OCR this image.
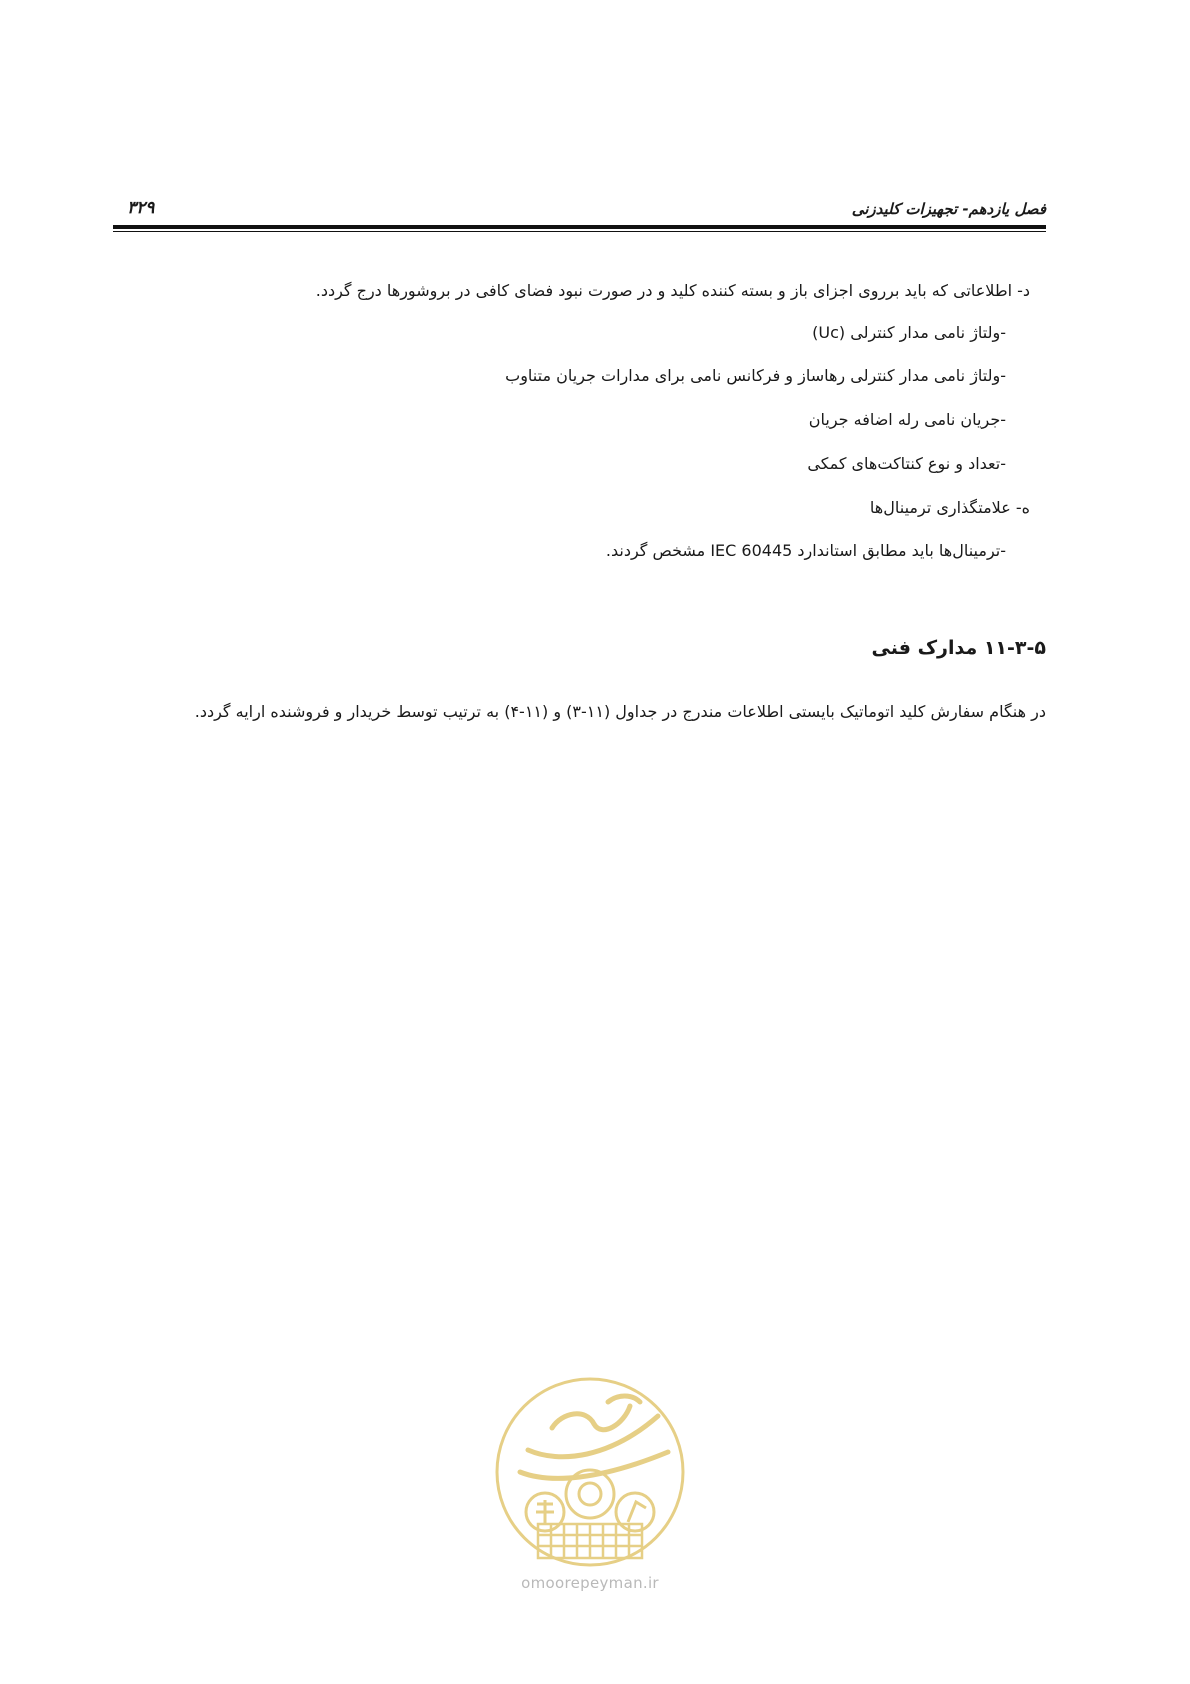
فصل یازدهم- تجهیزات کلیدزنی
۳۲۹
د- اطلاعاتی که باید برروی اجزای باز و بسته کننده کلید و در صورت نبود فضای کافی در بروشورها درج گردد.
-ولتاژ نامی مدار کنترلی (Uc)
-ولتاژ نامی مدار کنترلی رهاساز و فرکانس نامی برای مدارات جریان متناوب
-جریان نامی رله اضافه جریان
-تعداد و نوع کنتاکت‌های کمکی
ه- علامتگذاری ترمینال‌ها
-ترمینال‌ها باید مطابق استاندارد IEC 60445 مشخص گردند.
۱۱-۳-۵ مدارک فنی
در هنگام سفارش کلید اتوماتیک بایستی اطلاعات مندرج در جداول (۱۱-۳) و (۱۱-۴) به ترتیب توسط خریدار و فروشنده ارایه گردد.
omoorepeyman.ir
